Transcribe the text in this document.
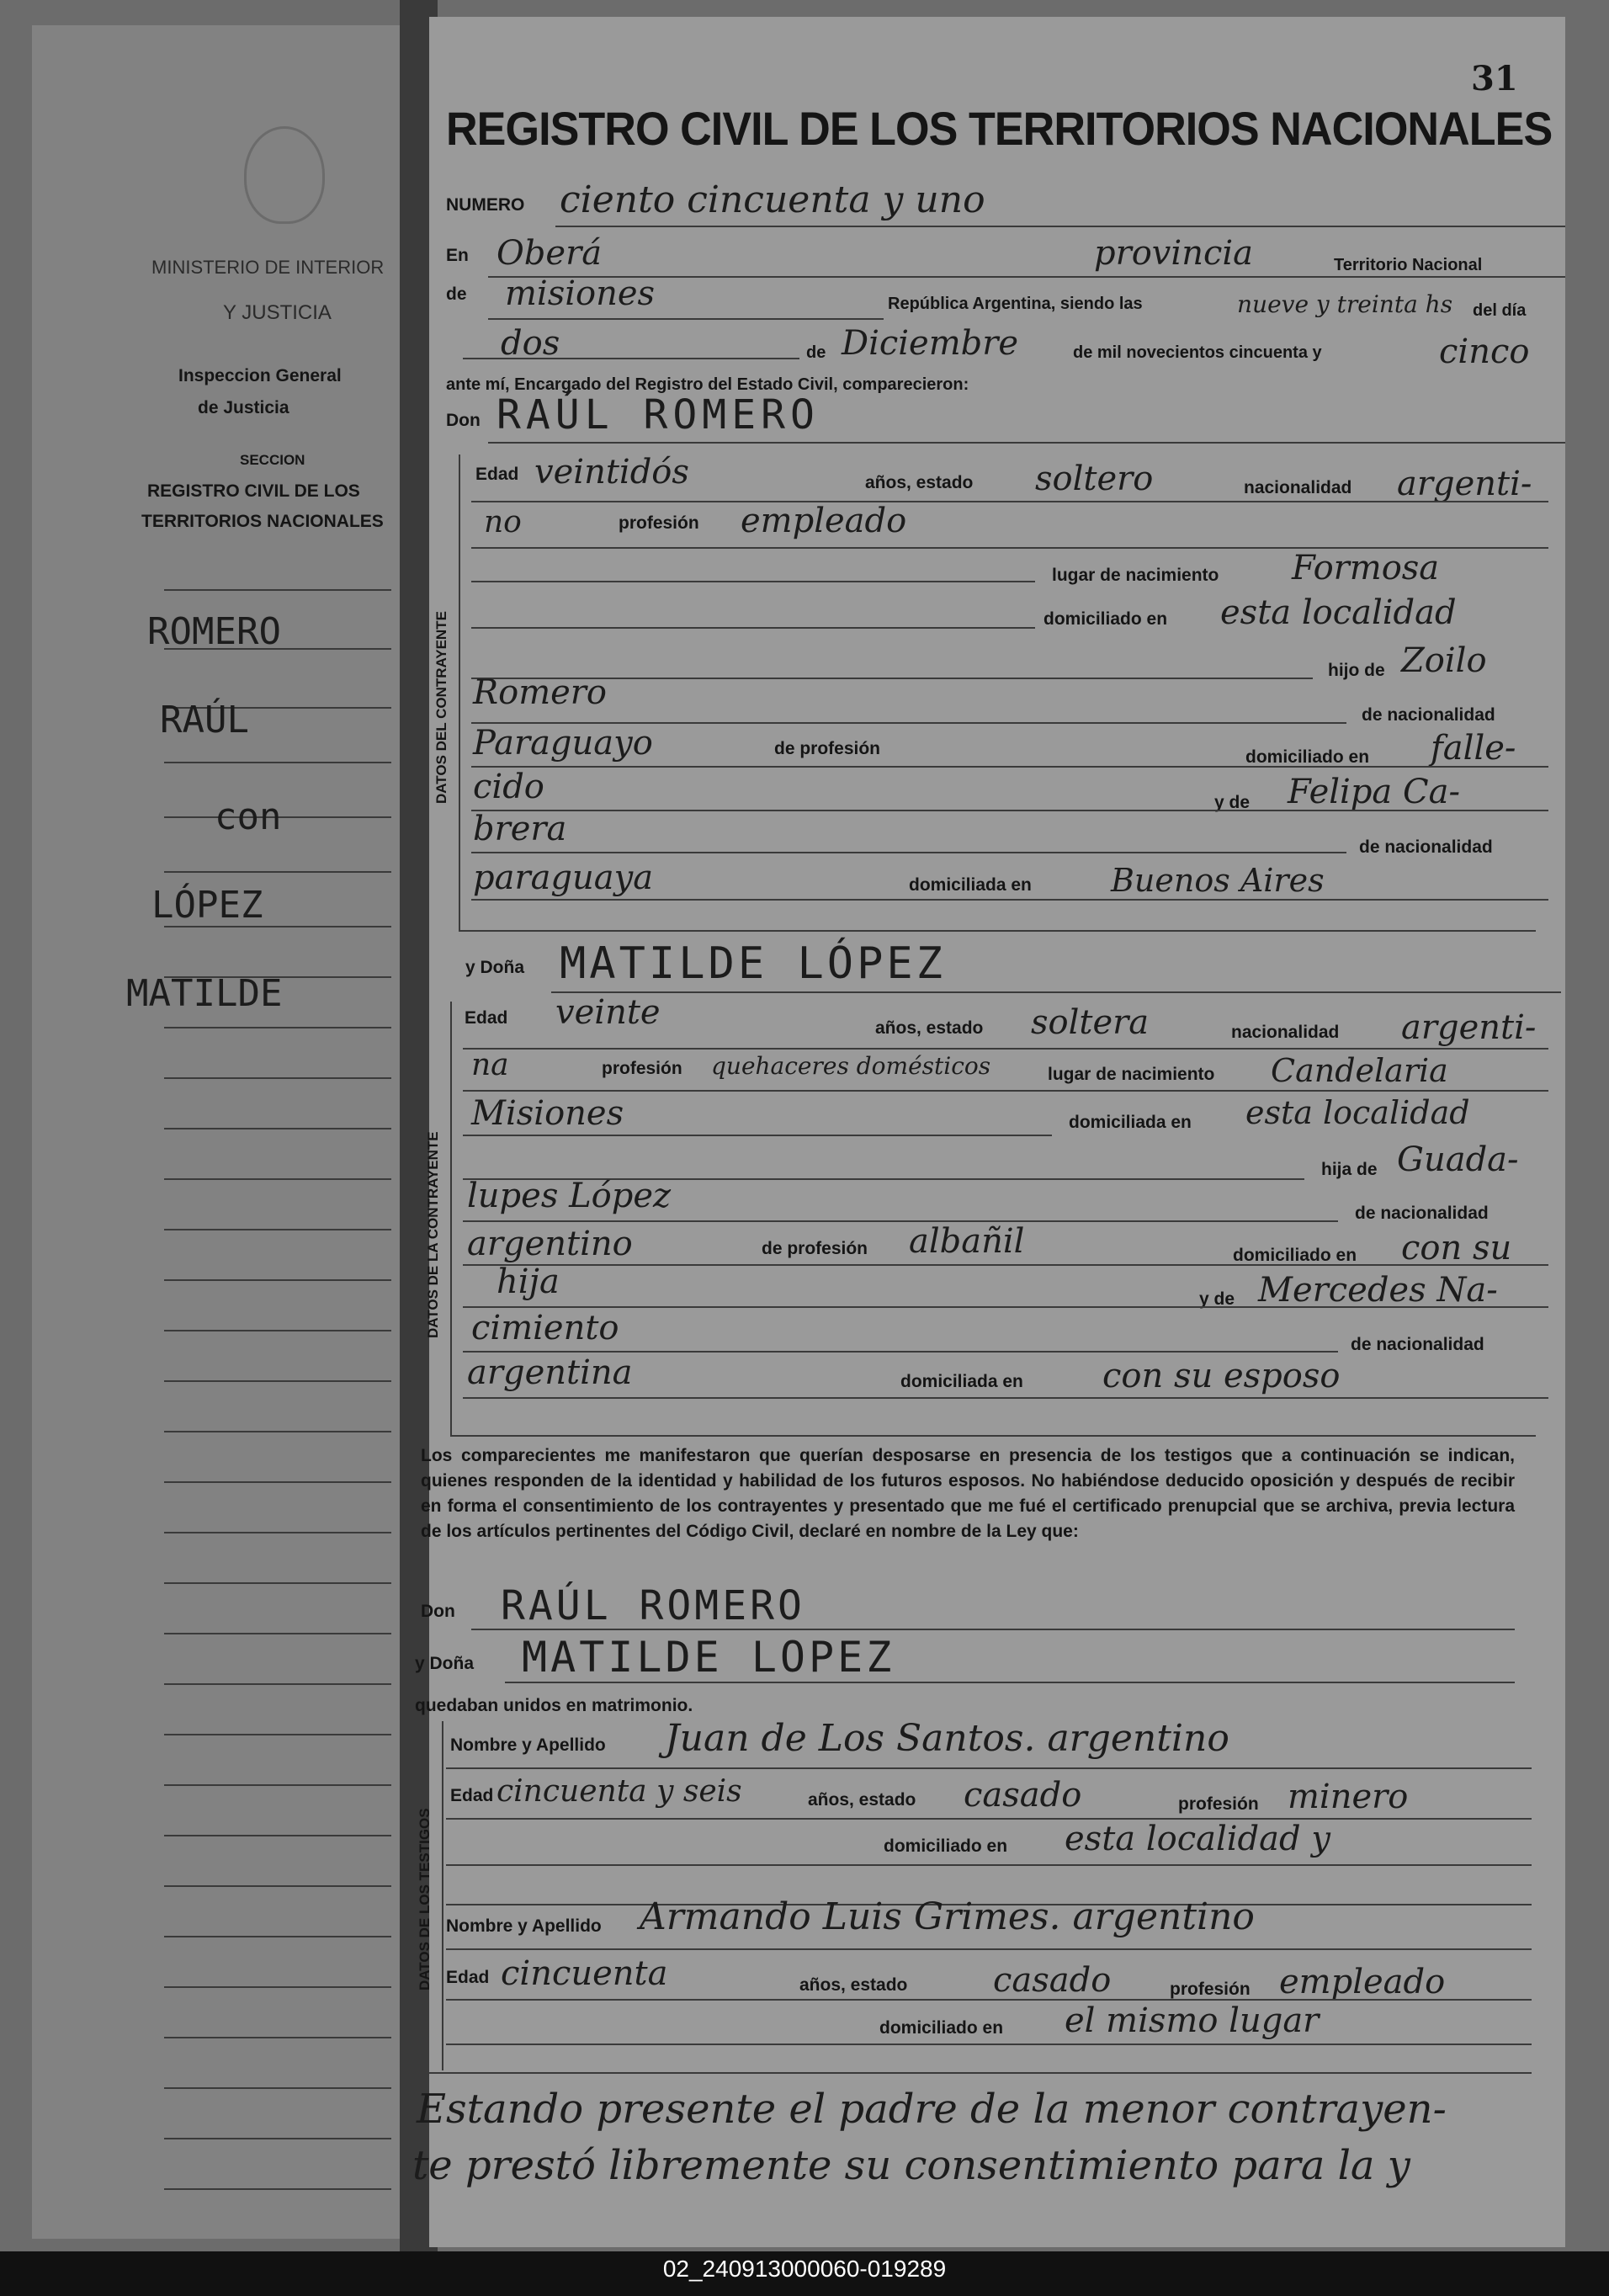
MINISTERIO DE INTERIOR
Y JUSTICIA
Inspeccion General
de Justicia
SECCION
REGISTRO CIVIL DE LOS
TERRITORIOS NACIONALES
ROMERO
RAÚL
con
LÓPEZ
MATILDE
31
REGISTRO CIVIL DE LOS TERRITORIOS NACIONALES
NUMERO ciento cincuenta y uno
En Oberá	provincia	Territorio Nacional
de misiones	República Argentina, siendo las	nueve y treinta hs del día
dos	de Diciembre	de mil novecientos cincuenta y	cinco
ante mí, Encargado del Registro del Estado Civil, comparecieron:
Don RAÚL ROMERO
DATOS DEL CONTRAYENTE
Edad veintidós	años, estado soltero	nacionalidad argenti-
no	profesión empleado
lugar de nacimiento Formosa
domiciliado en esta localidad
hijo de Zoilo
Romero
de nacionalidad
Paraguayo	de profesión	domiciliado en falle-
cido	y de Felipa Ca-
brera	de nacionalidad
paraguaya	domiciliada en Buenos Aires
y Doña MATILDE LÓPEZ
DATOS DE LA CONTRAYENTE
Edad veinte	años, estado soltera	nacionalidad argenti-
na	profesión quehaceres domésticos	lugar de nacimiento Candelaria
Misiones	domiciliada en esta localidad
hija de Guada-
lupes López	de nacionalidad
argentino	de profesión albañil	domiciliado en con su
hija	y de Mercedes Na-
cimiento	de nacionalidad
argentina	domiciliada en con su esposo
Los comparecientes me manifestaron que querían desposarse en presencia de los testigos que a continuación se indican, quienes responden de la identidad y habilidad de los futuros esposos. No habiéndose deducido oposición y después de recibir en forma el consentimiento de los contrayentes y presentado que me fué el certificado prenupcial que se archiva, previa lectura de los artículos pertinentes del Código Civil, declaré en nombre de la Ley que:
Don RAÚL ROMERO
y Doña MATILDE LOPEZ
quedaban unidos en matrimonio.
DATOS DE LOS TESTIGOS
Nombre y Apellido Juan de Los Santos. argentino
Edad cincuenta y seis	años, estado casado	profesión minero
domiciliado en esta localidad y
Nombre y Apellido Armando Luis Grimes. argentino
Edad cincuenta	años, estado	casado	profesión empleado
domiciliado en el mismo lugar
Estando presente el padre de la menor contrayen-
te prestó libremente su consentimiento para la y
02_240913000060-019289
